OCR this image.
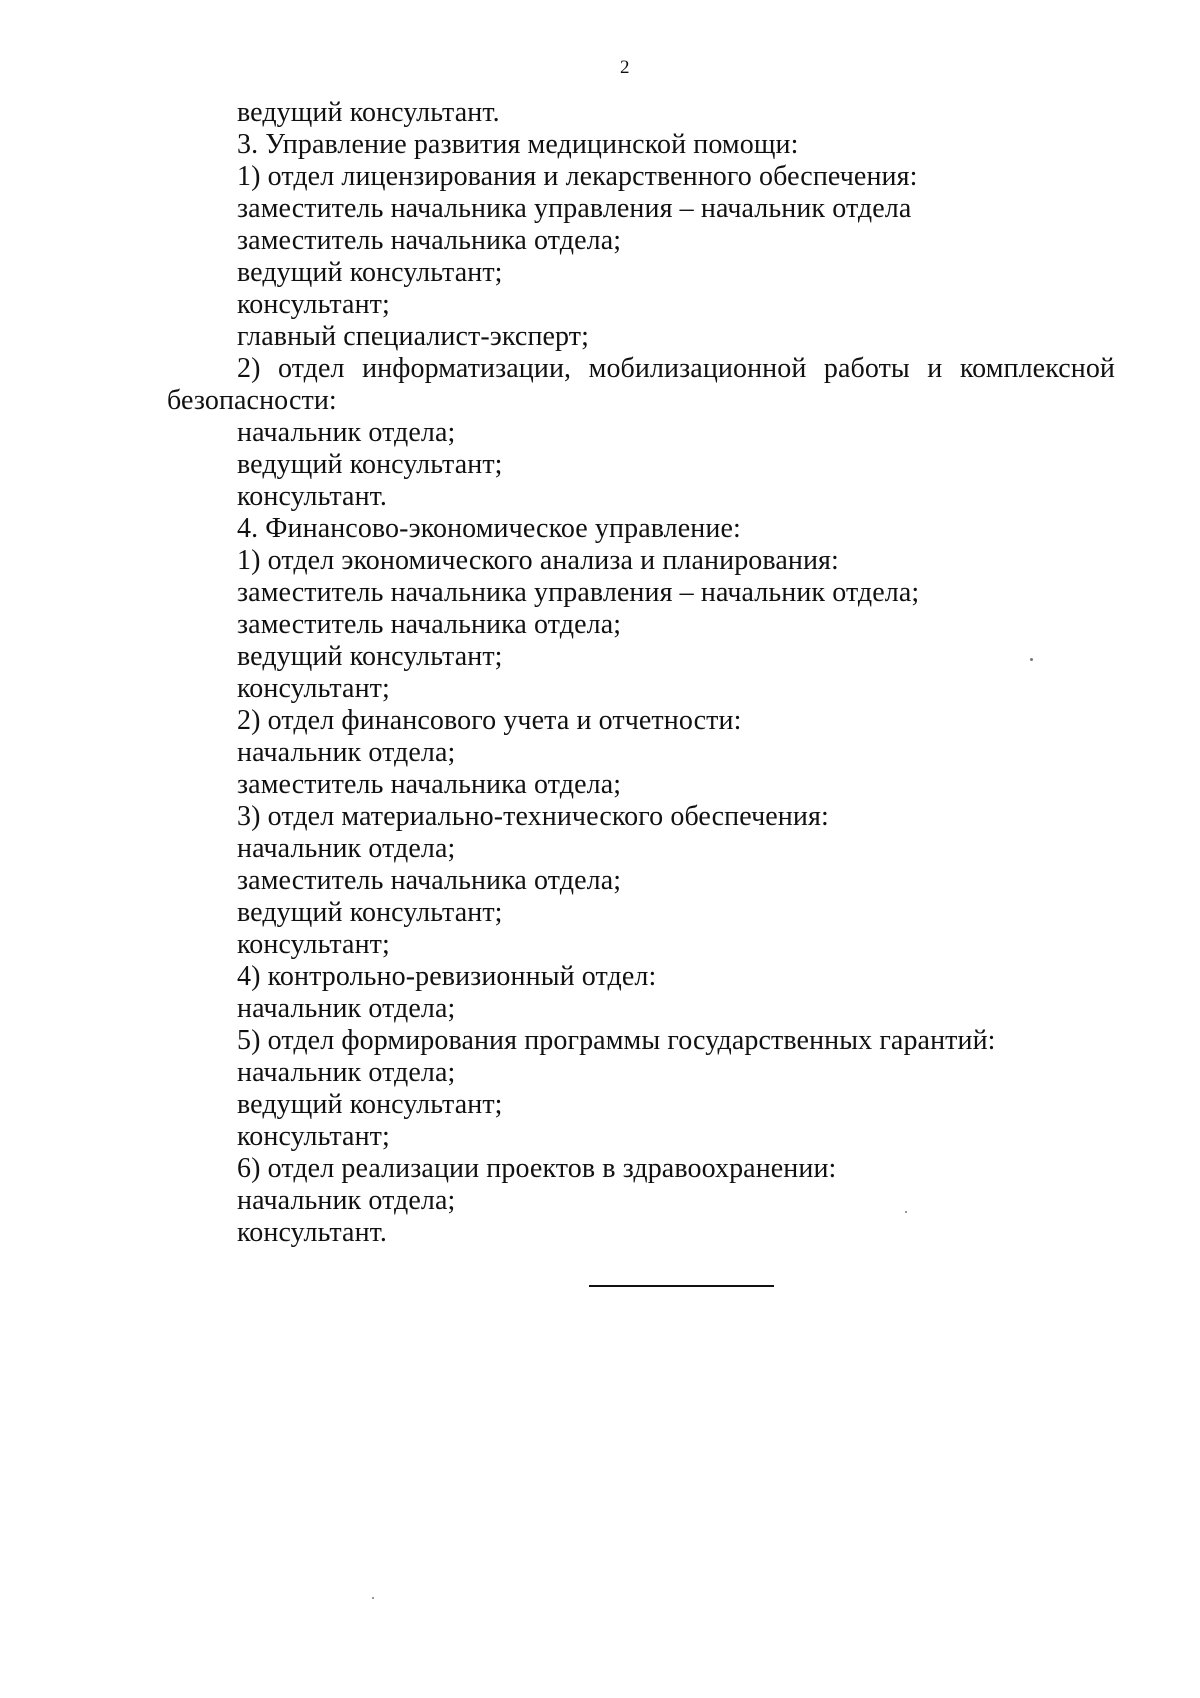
2
ведущий консультант.
3. Управление развития медицинской помощи:
1) отдел лицензирования и лекарственного обеспечения:
заместитель начальника управления – начальник отдела
заместитель начальника отдела;
ведущий консультант;
консультант;
главный специалист-эксперт;
2) отдел информатизации, мобилизационной работы и комплексной
безопасности:
начальник отдела;
ведущий консультант;
консультант.
4. Финансово-экономическое управление:
1) отдел экономического анализа и планирования:
заместитель начальника управления – начальник отдела;
заместитель начальника отдела;
ведущий консультант;
консультант;
2) отдел финансового учета и отчетности:
начальник отдела;
заместитель начальника отдела;
3) отдел материально-технического обеспечения:
начальник отдела;
заместитель начальника отдела;
ведущий консультант;
консультант;
4) контрольно-ревизионный отдел:
начальник отдела;
5) отдел формирования программы государственных гарантий:
начальник отдела;
ведущий консультант;
консультант;
6) отдел реализации проектов в здравоохранении:
начальник отдела;
консультант.
